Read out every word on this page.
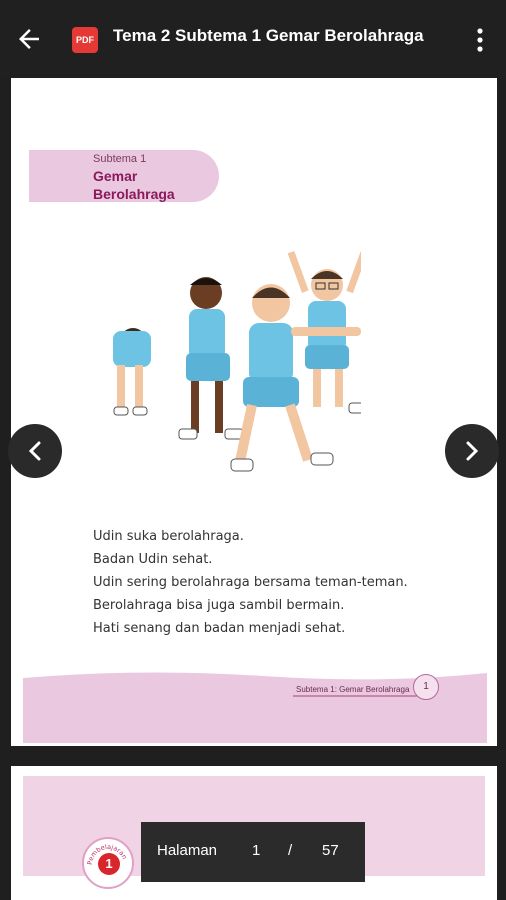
PDF Tema 2 Subtema 1 Gemar Berolahraga
Subtema 1
Gemar Berolahraga
Udin suka berolahraga.
Badan Udin sehat.
Udin sering berolahraga bersama teman-teman.
Berolahraga bisa juga sambil bermain.
Hati senang dan badan menjadi sehat.
Subtema 1: Gemar Berolahraga	1
Pembelajaran
1
Halaman 1 / 57
